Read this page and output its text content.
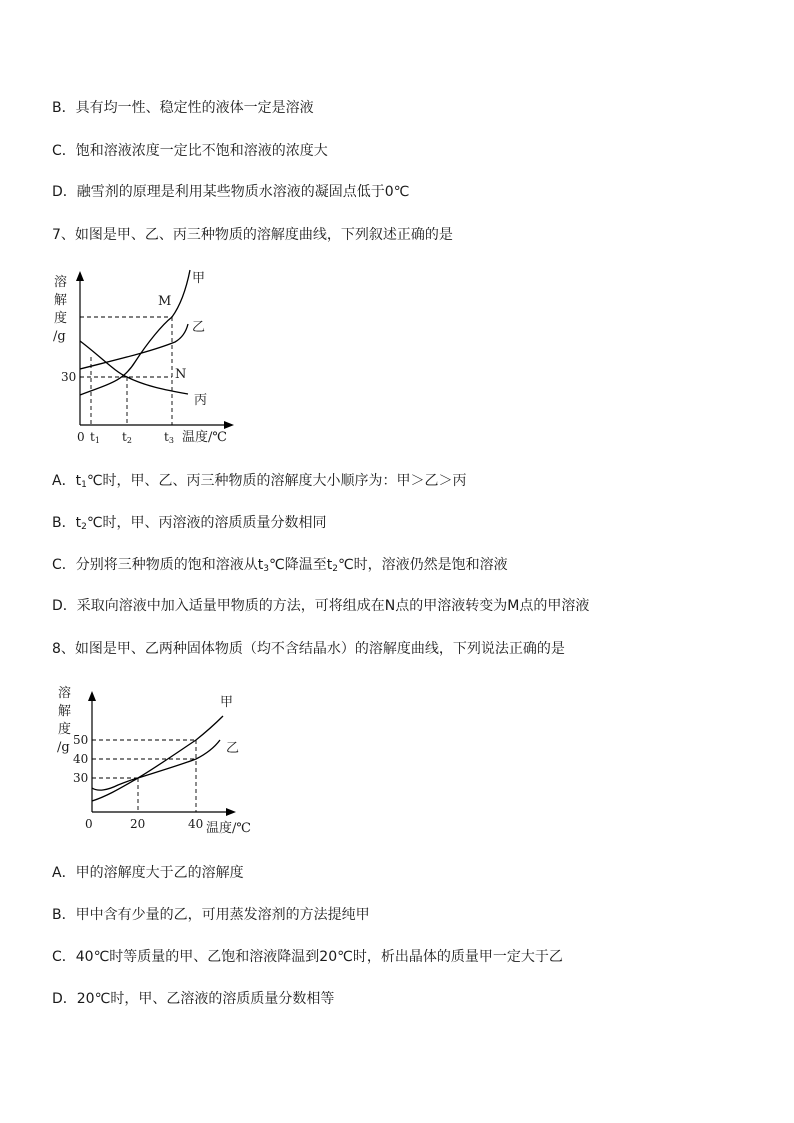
B．具有均一性、稳定性的液体一定是溶液
C．饱和溶液浓度一定比不饱和溶液的浓度大
D．融雪剂的原理是利用某些物质水溶液的凝固点低于0℃
7、如图是甲、乙、丙三种物质的溶解度曲线，下列叙述正确的是
溶
解
度
/g
甲
乙
丙
M
N
30
0 t1 t2	t3 温度/℃
溶
解
度
/g
甲
乙
50
40
30
0	20	40 温度/℃
A．$t_1℃$时，甲、乙、丙三种物质的溶解度大小顺序为：甲＞乙＞丙
B．$t_2℃$时，甲、丙溶液的溶质质量分数相同
C．分别将三种物质的饱和溶液从$t_3℃$降温至$t_2℃$时，溶液仍然是饱和溶液
D．采取向溶液中加入适量甲物质的方法，可将组成在N点的甲溶液转变为M点的甲溶液
8、如图是甲、乙两种固体物质（均不含结晶水）的溶解度曲线，下列说法正确的是
A．甲的溶解度大于乙的溶解度
B．甲中含有少量的乙，可用蒸发溶剂的方法提纯甲
C．40℃时等质量的甲、乙饱和溶液降温到20℃时，析出晶体的质量甲一定大于乙
D．20℃时，甲、乙溶液的溶质质量分数相等
